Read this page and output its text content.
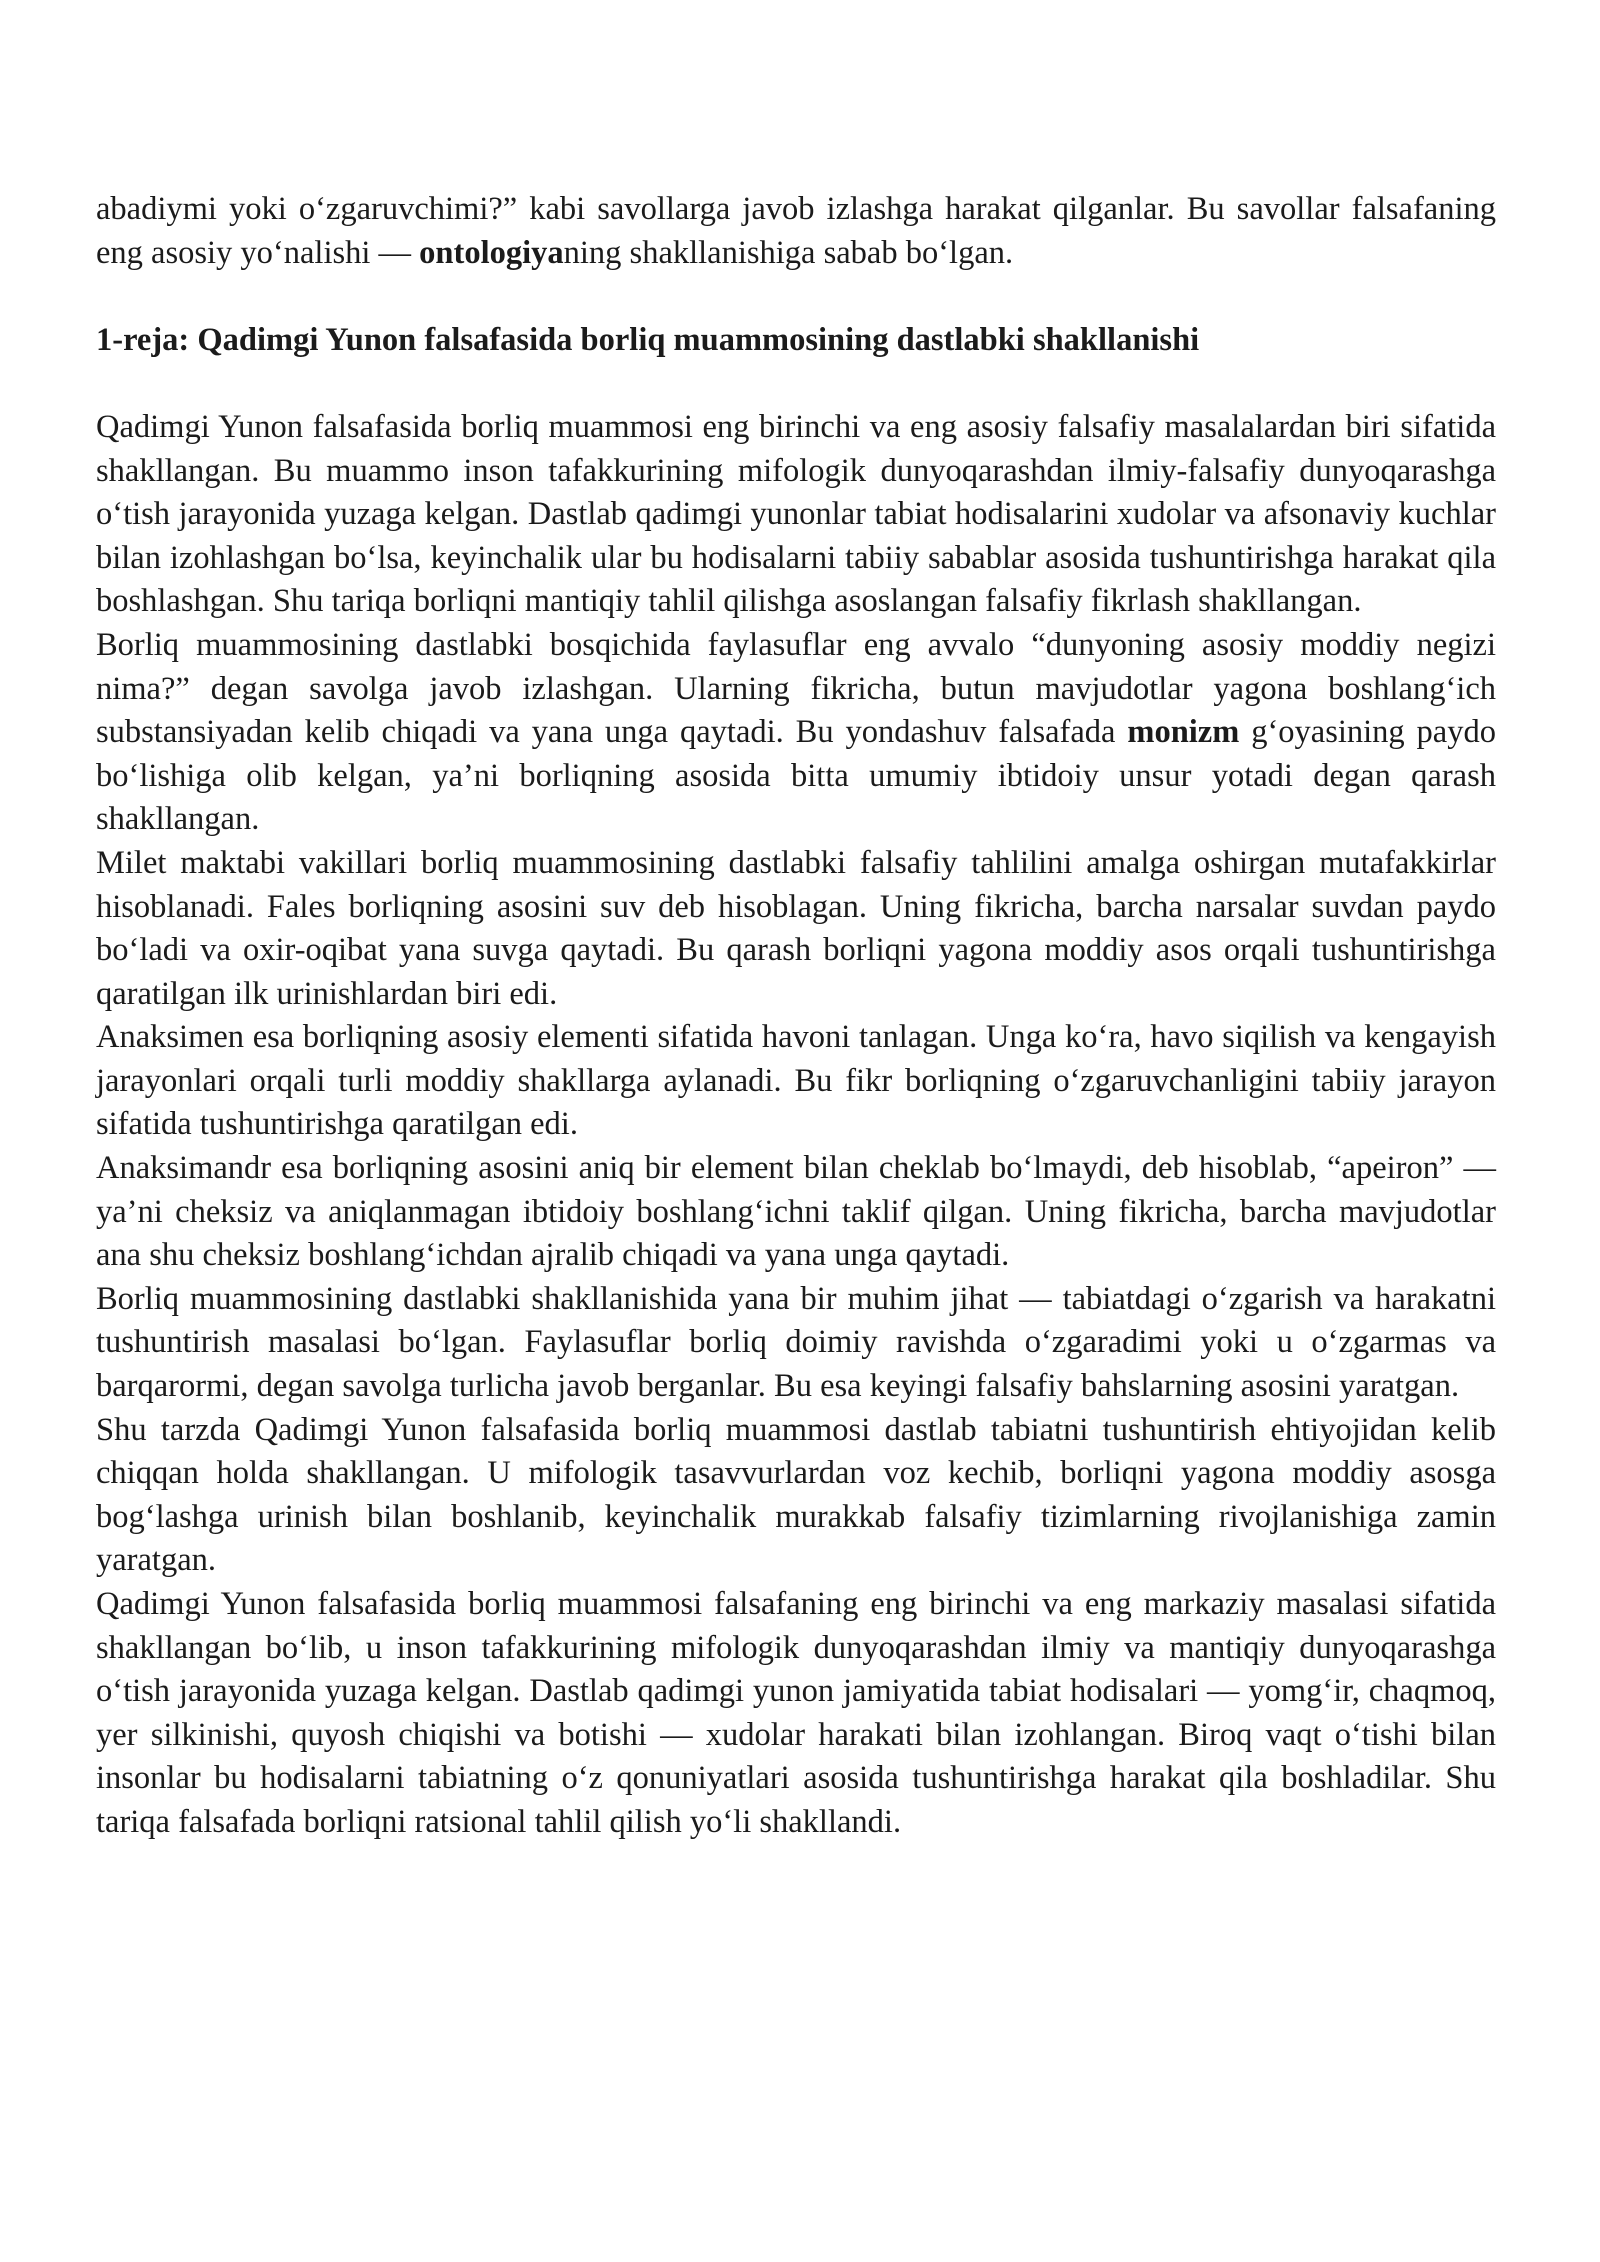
abadiymi yoki o‘zgaruvchimi?” kabi savollarga javob izlashga harakat qilganlar. Bu savollar falsafaning eng asosiy yo‘nalishi — ontologiyaning shakllanishiga sabab bo‘lgan.

1-reja: Qadimgi Yunon falsafasida borliq muammosining dastlabki shakllanishi

Qadimgi Yunon falsafasida borliq muammosi eng birinchi va eng asosiy falsafiy masalalardan biri sifatida shakllangan. Bu muammo inson tafakkurining mifologik dunyoqarashdan ilmiy-falsafiy dunyoqarashga o‘tish jarayonida yuzaga kelgan. Dastlab qadimgi yunonlar tabiat hodisalarini xudolar va afsonaviy kuchlar bilan izohlashgan bo‘lsa, keyinchalik ular bu hodisalarni tabiiy sabablar asosida tushuntirishga harakat qila boshlashgan. Shu tariqa borliqni mantiqiy tahlil qilishga asoslangan falsafiy fikrlash shakllangan.

Borliq muammosining dastlabki bosqichida faylasuflar eng avvalo “dunyoning asosiy moddiy negizi nima?” degan savolga javob izlashgan. Ularning fikricha, butun mavjudotlar yagona boshlang‘ich substansiyadan kelib chiqadi va yana unga qaytadi. Bu yondashuv falsafada monizm g‘oyasining paydo bo‘lishiga olib kelgan, ya’ni borliqning asosida bitta umumiy ibtidoiy unsur yotadi degan qarash shakllangan.

Milet maktabi vakillari borliq muammosining dastlabki falsafiy tahlilini amalga oshirgan mutafakkirlar hisoblanadi. Fales borliqning asosini suv deb hisoblagan. Uning fikricha, barcha narsalar suvdan paydo bo‘ladi va oxir-oqibat yana suvga qaytadi. Bu qarash borliqni yagona moddiy asos orqali tushuntirishga qaratilgan ilk urinishlardan biri edi.

Anaksimen esa borliqning asosiy elementi sifatida havoni tanlagan. Unga ko‘ra, havo siqilish va kengayish jarayonlari orqali turli moddiy shakllarga aylanadi. Bu fikr borliqning o‘zgaruvchanligini tabiiy jarayon sifatida tushuntirishga qaratilgan edi.

Anaksimandr esa borliqning asosini aniq bir element bilan cheklab bo‘lmaydi, deb hisoblab, “apeiron” — ya’ni cheksiz va aniqlanmagan ibtidoiy boshlang‘ichni taklif qilgan. Uning fikricha, barcha mavjudotlar ana shu cheksiz boshlang‘ichdan ajralib chiqadi va yana unga qaytadi.

Borliq muammosining dastlabki shakllanishida yana bir muhim jihat — tabiatdagi o‘zgarish va harakatni tushuntirish masalasi bo‘lgan. Faylasuflar borliq doimiy ravishda o‘zgaradimi yoki u o‘zgarmas va barqarormi, degan savolga turlicha javob berganlar. Bu esa keyingi falsafiy bahslarning asosini yaratgan.

Shu tarzda Qadimgi Yunon falsafasida borliq muammosi dastlab tabiatni tushuntirish ehtiyojidan kelib chiqqan holda shakllangan. U mifologik tasavvurlardan voz kechib, borliqni yagona moddiy asosga bog‘lashga urinish bilan boshlanib, keyinchalik murakkab falsafiy tizimlarning rivojlanishiga zamin yaratgan.

Qadimgi Yunon falsafasida borliq muammosi falsafaning eng birinchi va eng markaziy masalasi sifatida shakllangan bo‘lib, u inson tafakkurining mifologik dunyoqarashdan ilmiy va mantiqiy dunyoqarashga o‘tish jarayonida yuzaga kelgan. Dastlab qadimgi yunon jamiyatida tabiat hodisalari — yomg‘ir, chaqmoq, yer silkinishi, quyosh chiqishi va botishi — xudolar harakati bilan izohlangan. Biroq vaqt o‘tishi bilan insonlar bu hodisalarni tabiatning o‘z qonuniyatlari asosida tushuntirishga harakat qila boshladilar. Shu tariqa falsafada borliqni ratsional tahlil qilish yo‘li shakllandi.
